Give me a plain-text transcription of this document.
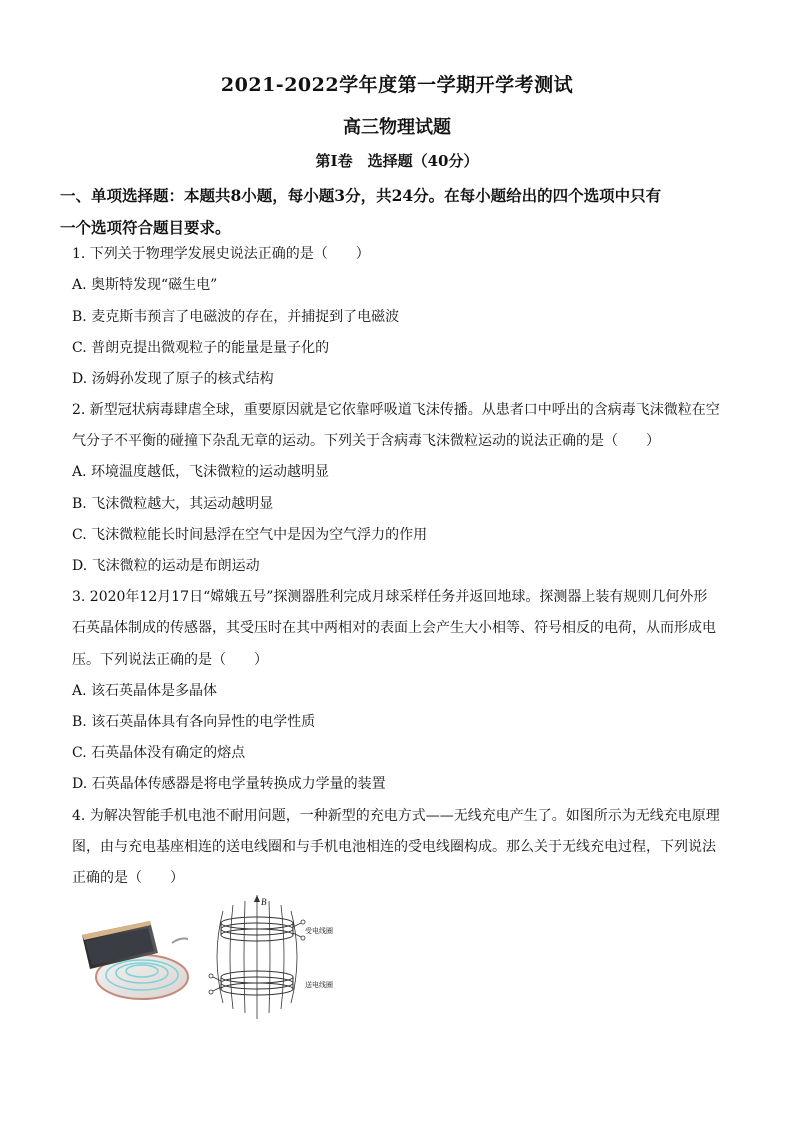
2021-2022学年度第一学期开学考测试
高三物理试题
第I卷　选择题（40分）
一、单项选择题：本题共8小题，每小题3分，共24分。在每小题给出的四个选项中只有
一个选项符合题目要求。
1. 下列关于物理学发展史说法正确的是（　　）
A. 奥斯特发现“磁生电”
B. 麦克斯韦预言了电磁波的存在，并捕捉到了电磁波
C. 普朗克提出微观粒子的能量是量子化的
D. 汤姆孙发现了原子的核式结构
2. 新型冠状病毒肆虐全球，重要原因就是它依靠呼吸道飞沫传播。从患者口中呼出的含病毒飞沫微粒在空
气分子不平衡的碰撞下杂乱无章的运动。下列关于含病毒飞沫微粒运动的说法正确的是（　　）
A. 环境温度越低，飞沫微粒的运动越明显
B. 飞沫微粒越大，其运动越明显
C. 飞沫微粒能长时间悬浮在空气中是因为空气浮力的作用
D. 飞沫微粒的运动是布朗运动
3. 2020年12月17日“嫦娥五号”探测器胜利完成月球采样任务并返回地球。探测器上装有规则几何外形
石英晶体制成的传感器，其受压时在其中两相对的表面上会产生大小相等、符号相反的电荷，从而形成电
压。下列说法正确的是（　　）
A. 该石英晶体是多晶体
B. 该石英晶体具有各向异性的电学性质
C. 石英晶体没有确定的熔点
D. 石英晶体传感器是将电学量转换成力学量的装置
4. 为解决智能手机电池不耐用问题，一种新型的充电方式——无线充电产生了。如图所示为无线充电原理
图，由与充电基座相连的送电线圈和与手机电池相连的受电线圈构成。那么关于无线充电过程，下列说法
正确的是（　　）
B
受电线圈
送电线圈
